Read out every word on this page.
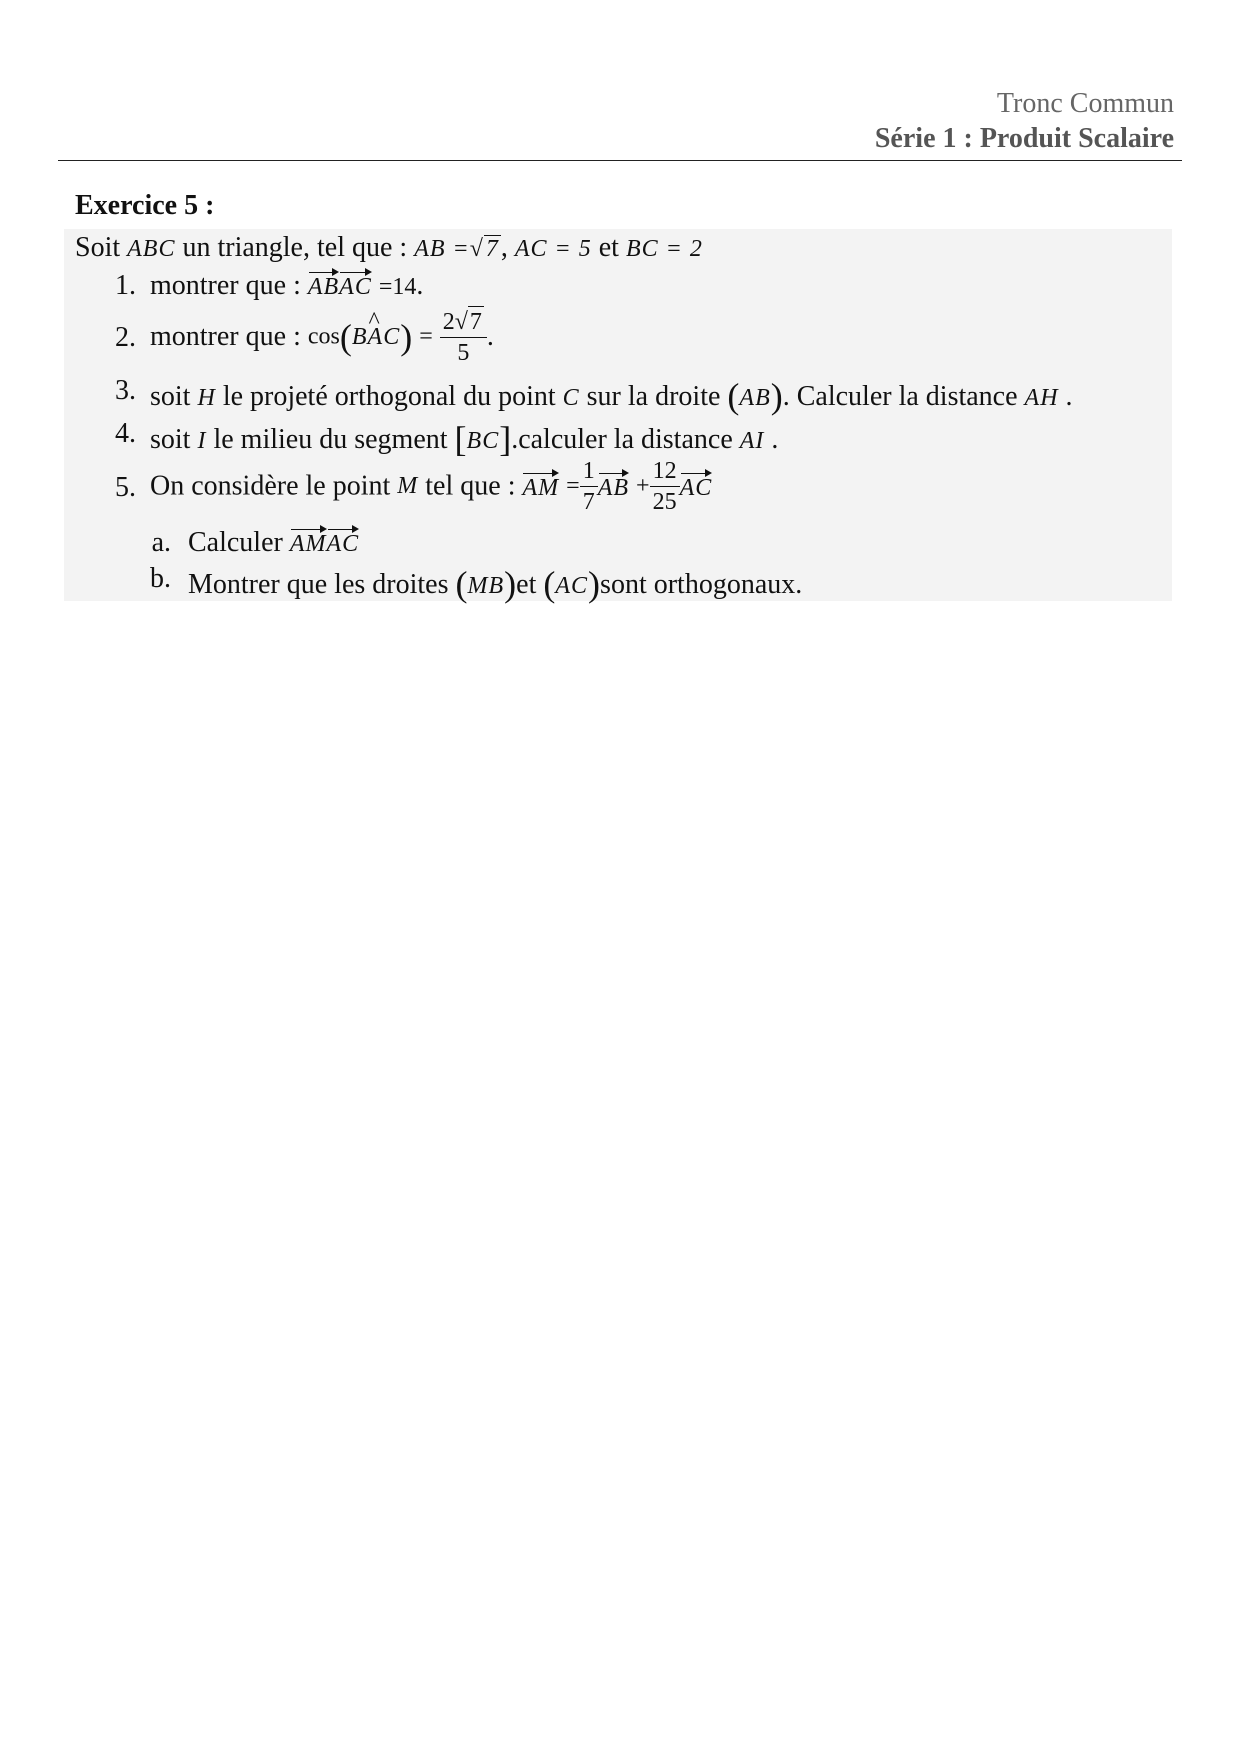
Tronc Commun
Série 1 : Produit Scalaire
Exercice 5 :
Soit ABC un triangle, tel que : AB =√7, AC = 5 et BC = 2
1. montrer que : ABAC =14.
2. montrer que : cos(B^ $AC) = \frac{2√7}{5}$ .
3. soit H le projeté orthogonal du point C sur la droite (AB). Calculer la distance AH .
4. soit I le milieu du segment [BC].calculer la distance AI .
5. On considère le point M tel que : AM = $\frac{1}{7}$ AB + $\frac{12}{25}$ AC
a. Calculer AMAC
b. Montrer que les droites (MB)et (AC)sont orthogonaux.
